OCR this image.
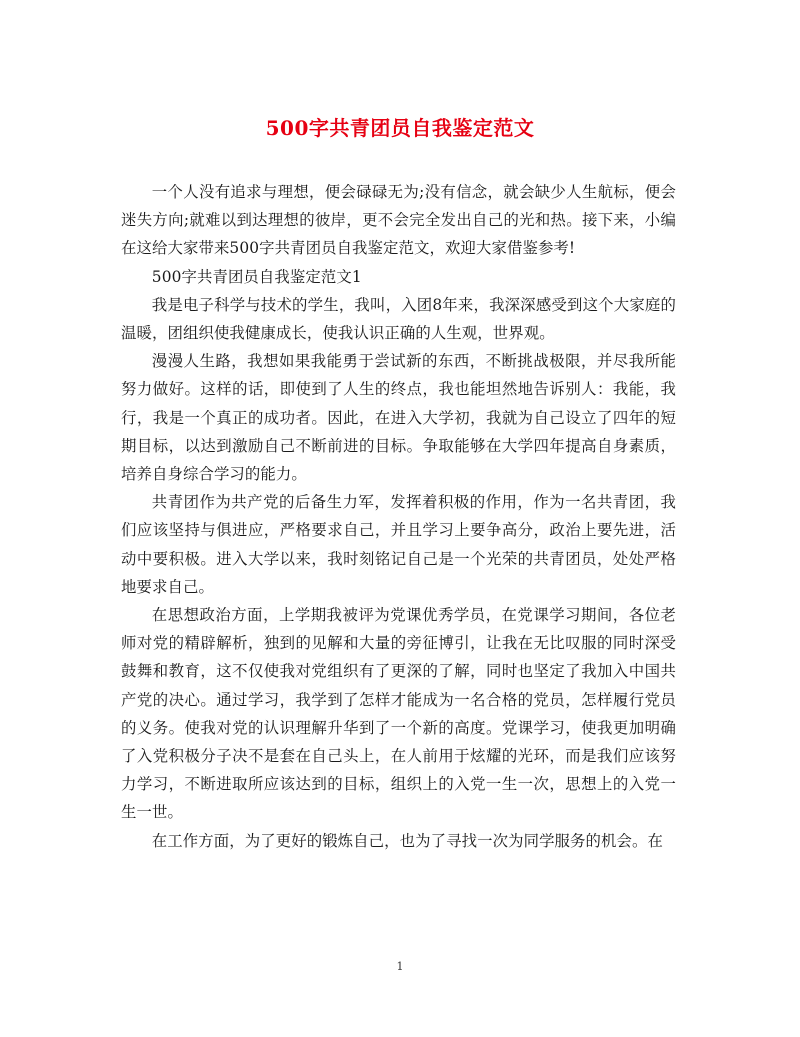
500字共青团员自我鉴定范文

一个人没有追求与理想，便会碌碌无为;没有信念，就会缺少人生航标，便会迷失方向;就难以到达理想的彼岸，更不会完全发出自己的光和热。接下来，小编在这给大家带来500字共青团员自我鉴定范文，欢迎大家借鉴参考!

500字共青团员自我鉴定范文1

我是电子科学与技术的学生，我叫，入团8年来，我深深感受到这个大家庭的温暖，团组织使我健康成长，使我认识正确的人生观，世界观。

漫漫人生路，我想如果我能勇于尝试新的东西，不断挑战极限，并尽我所能努力做好。这样的话，即使到了人生的终点，我也能坦然地告诉别人：我能，我行，我是一个真正的成功者。因此，在进入大学初，我就为自己设立了四年的短期目标，以达到激励自己不断前进的目标。争取能够在大学四年提高自身素质，培养自身综合学习的能力。

共青团作为共产党的后备生力军，发挥着积极的作用，作为一名共青团，我们应该坚持与俱进应，严格要求自己，并且学习上要争高分，政治上要先进，活动中要积极。进入大学以来，我时刻铭记自己是一个光荣的共青团员，处处严格地要求自己。

在思想政治方面，上学期我被评为党课优秀学员，在党课学习期间，各位老师对党的精辟解析，独到的见解和大量的旁征博引，让我在无比叹服的同时深受鼓舞和教育，这不仅使我对党组织有了更深的了解，同时也坚定了我加入中国共产党的决心。通过学习，我学到了怎样才能成为一名合格的党员，怎样履行党员的义务。使我对党的认识理解升华到了一个新的高度。党课学习，使我更加明确了入党积极分子决不是套在自己头上，在人前用于炫耀的光环，而是我们应该努力学习，不断进取所应该达到的目标，组织上的入党一生一次，思想上的入党一生一世。

在工作方面，为了更好的锻炼自己，也为了寻找一次为同学服务的机会。在

1
